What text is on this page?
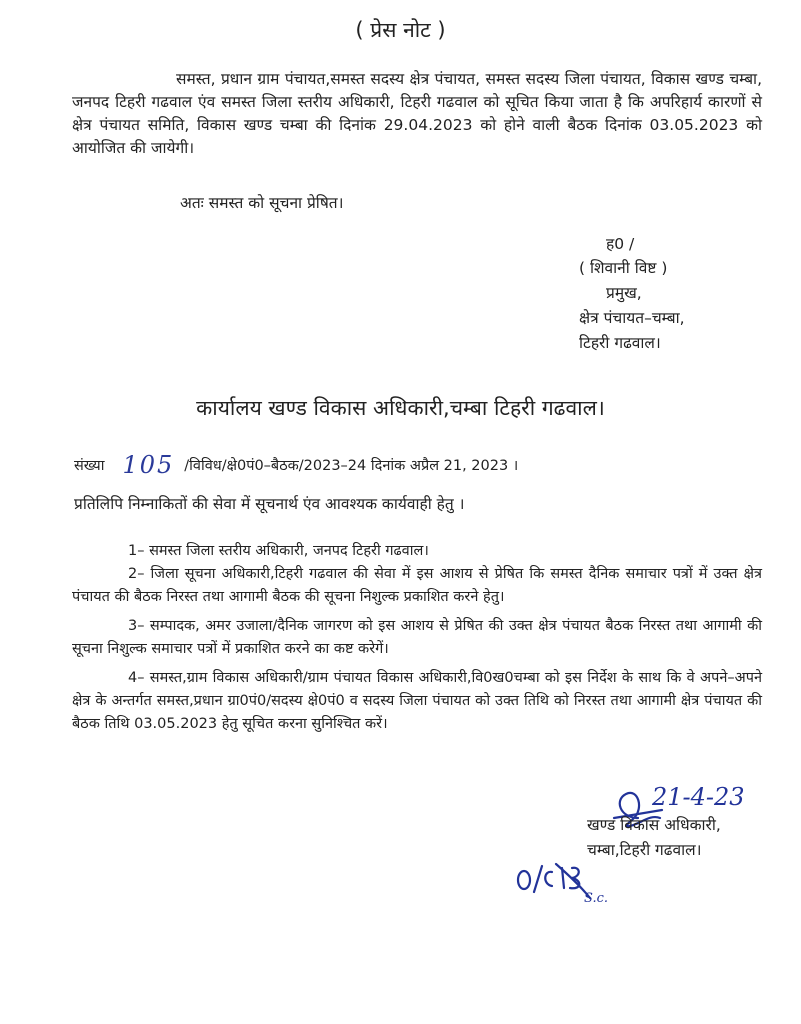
( प्रेस नोट )
समस्त, प्रधान ग्राम पंचायत,समस्त सदस्य क्षेत्र पंचायत, समस्त सदस्य जिला पंचायत, विकास खण्ड चम्बा, जनपद टिहरी गढवाल एंव समस्त जिला स्तरीय अधिकारी, टिहरी गढवाल को सूचित किया जाता है कि अपरिहार्य कारणों से क्षेत्र पंचायत समिति, विकास खण्ड चम्बा की दिनांक 29.04.2023 को होने वाली बैठक दिनांक 03.05.2023 को आयोजित की जायेगी।
अतः समस्त को सूचना प्रेषित।
ह0 /
( शिवानी विष्ट )
प्रमुख,
क्षेत्र पंचायत–चम्बा,
टिहरी गढवाल।
कार्यालय खण्ड विकास अधिकारी,चम्बा टिहरी गढवाल।
संख्या 105 /विविध/क्षे0पं0–बैठक/2023–24 दिनांक अप्रैल 21, 2023 ।
प्रतिलिपि निम्नाकितों की सेवा में सूचनार्थ एंव आवश्यक कार्यवाही हेतु ।

1– समस्त जिला स्तरीय अधिकारी, जनपद टिहरी गढवाल।

2– जिला सूचना अधिकारी,टिहरी गढवाल की सेवा में इस आशय से प्रेषित कि समस्त दैनिक समाचार पत्रों में उक्त क्षेत्र पंचायत की बैठक निरस्त तथा आगामी बैठक की सूचना निशुल्क प्रकाशित करने हेतु।

3– सम्पादक, अमर उजाला/दैनिक जागरण को इस आशय से प्रेषित की उक्त क्षेत्र पंचायत बैठक निरस्त तथा आगामी की सूचना निशुल्क समाचार पत्रों में प्रकाशित करने का कष्ट करेगें।

4– समस्त,ग्राम विकास अधिकारी/ग्राम पंचायत विकास अधिकारी,वि0ख0चम्बा को इस निर्देश के साथ कि वे अपने–अपने क्षेत्र के अन्तर्गत समस्त,प्रधान ग्रा0पं0/सदस्य क्षे0पं0 व सदस्य जिला पंचायत को उक्त तिथि को निरस्त तथा आगामी क्षेत्र पंचायत की बैठक तिथि 03.05.2023 हेतु सूचित करना सुनिश्चित करें।

21-4-23
खण्ड विकास अधिकारी,
चम्बा,टिहरी गढवाल।
S.c.
